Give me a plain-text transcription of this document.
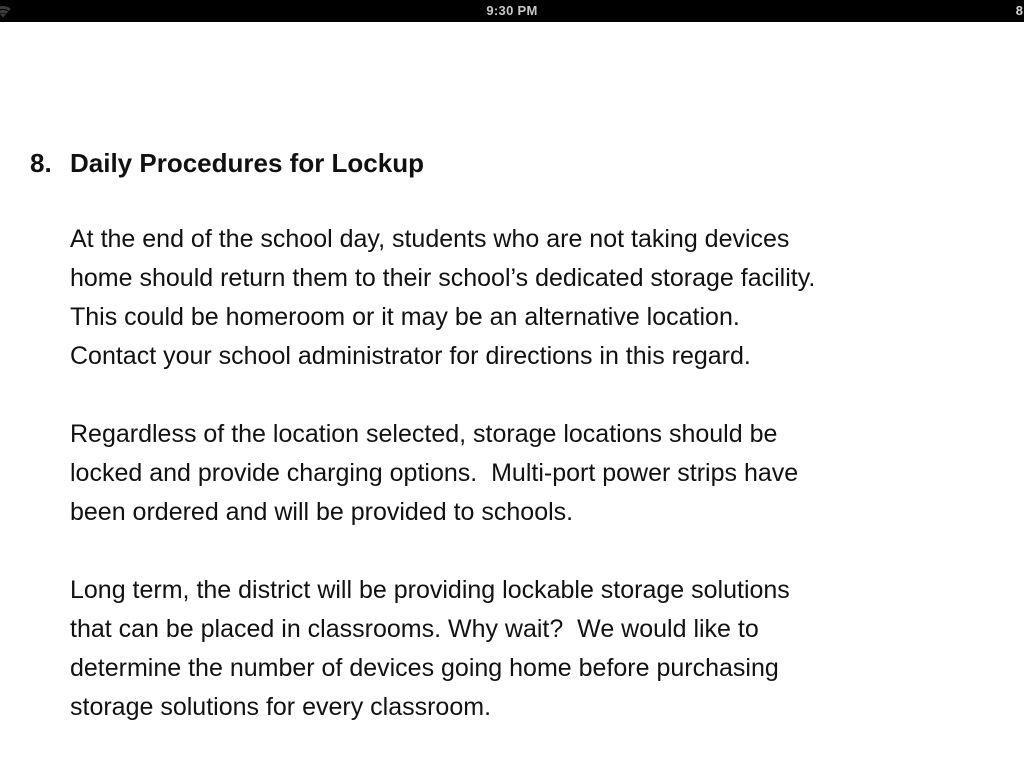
9:30 PM	8
8. Daily Procedures for Lockup
At the end of the school day, students who are not taking devices
home should return them to their school’s dedicated storage facility.
This could be homeroom or it may be an alternative location.
Contact your school administrator for directions in this regard.
Regardless of the location selected, storage locations should be
locked and provide charging options.  Multi-port power strips have
been ordered and will be provided to schools.
Long term, the district will be providing lockable storage solutions
that can be placed in classrooms. Why wait?  We would like to
determine the number of devices going home before purchasing
storage solutions for every classroom.
